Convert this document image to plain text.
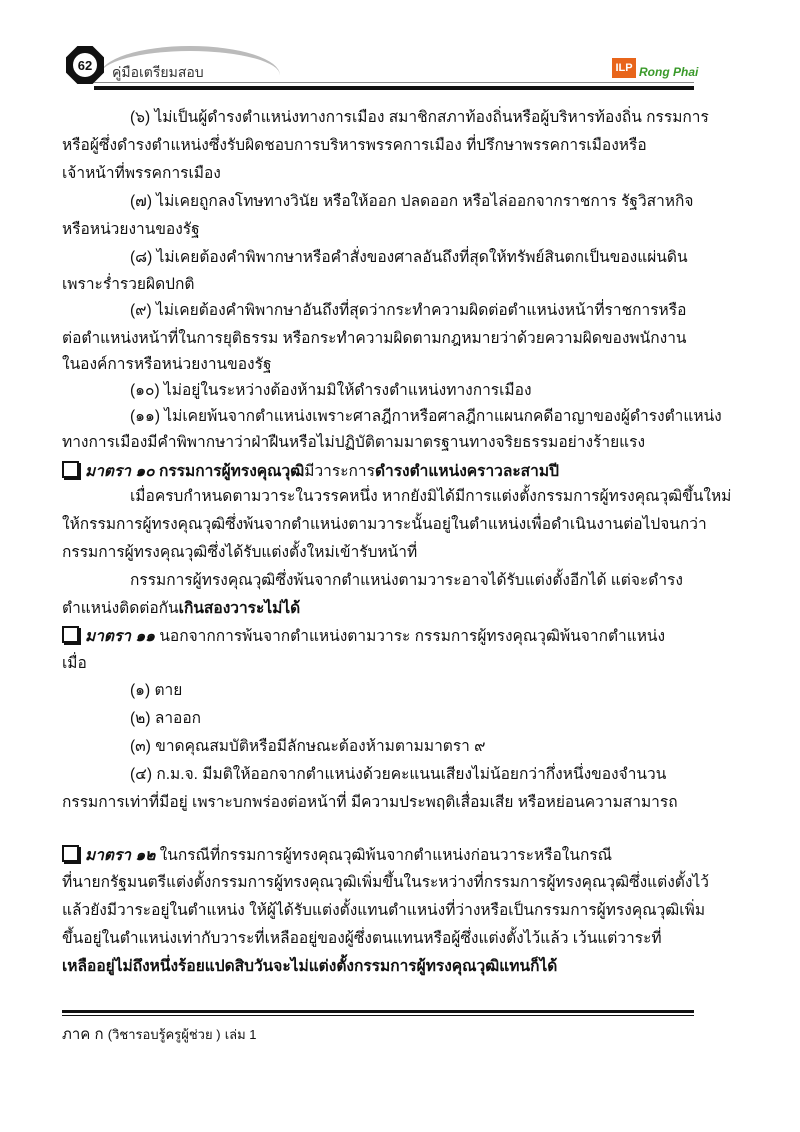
62	คู่มือเตรียมสอบ	ILP Rong Phai
(๖) ไม่เป็นผู้ดำรงตำแหน่งทางการเมือง สมาชิกสภาท้องถิ่นหรือผู้บริหารท้องถิ่น กรรมการ
หรือผู้ซึ่งดำรงตำแหน่งซึ่งรับผิดชอบการบริหารพรรคการเมือง ที่ปรึกษาพรรคการเมืองหรือ
เจ้าหน้าที่พรรคการเมือง
(๗) ไม่เคยถูกลงโทษทางวินัย หรือให้ออก ปลดออก หรือไล่ออกจากราชการ รัฐวิสาหกิจ
หรือหน่วยงานของรัฐ
(๘) ไม่เคยต้องคำพิพากษาหรือคำสั่งของศาลอันถึงที่สุดให้ทรัพย์สินตกเป็นของแผ่นดิน
เพราะร่ำรวยผิดปกติ
(๙) ไม่เคยต้องคำพิพากษาอันถึงที่สุดว่ากระทำความผิดต่อตำแหน่งหน้าที่ราชการหรือ
ต่อตำแหน่งหน้าที่ในการยุติธรรม หรือกระทำความผิดตามกฎหมายว่าด้วยความผิดของพนักงาน
ในองค์การหรือหน่วยงานของรัฐ
(๑๐) ไม่อยู่ในระหว่างต้องห้ามมิให้ดำรงตำแหน่งทางการเมือง
(๑๑) ไม่เคยพ้นจากตำแหน่งเพราะศาลฎีกาหรือศาลฎีกาแผนกคดีอาญาของผู้ดำรงตำแหน่ง
ทางการเมืองมีคำพิพากษาว่าฝ่าฝืนหรือไม่ปฏิบัติตามมาตรฐานทางจริยธรรมอย่างร้ายแรง
มาตรา ๑๐ กรรมการผู้ทรงคุณวุฒิมีวาระการดำรงตำแหน่งคราวละสามปี
เมื่อครบกำหนดตามวาระในวรรคหนึ่ง หากยังมิได้มีการแต่งตั้งกรรมการผู้ทรงคุณวุฒิขึ้นใหม่
ให้กรรมการผู้ทรงคุณวุฒิซึ่งพ้นจากตำแหน่งตามวาระนั้นอยู่ในตำแหน่งเพื่อดำเนินงานต่อไปจนกว่า
กรรมการผู้ทรงคุณวุฒิซึ่งได้รับแต่งตั้งใหม่เข้ารับหน้าที่
กรรมการผู้ทรงคุณวุฒิซึ่งพ้นจากตำแหน่งตามวาระอาจได้รับแต่งตั้งอีกได้ แต่จะดำรง
ตำแหน่งติดต่อกันเกินสองวาระไม่ได้
มาตรา ๑๑ นอกจากการพ้นจากตำแหน่งตามวาระ กรรมการผู้ทรงคุณวุฒิพ้นจากตำแหน่ง
เมื่อ
(๑) ตาย
(๒) ลาออก
(๓) ขาดคุณสมบัติหรือมีลักษณะต้องห้ามตามมาตรา ๙
(๔) ก.ม.จ. มีมติให้ออกจากตำแหน่งด้วยคะแนนเสียงไม่น้อยกว่ากึ่งหนึ่งของจำนวน
กรรมการเท่าที่มีอยู่ เพราะบกพร่องต่อหน้าที่ มีความประพฤติเสื่อมเสีย หรือหย่อนความสามารถ
มาตรา ๑๒ ในกรณีที่กรรมการผู้ทรงคุณวุฒิพ้นจากตำแหน่งก่อนวาระหรือในกรณี
ที่นายกรัฐมนตรีแต่งตั้งกรรมการผู้ทรงคุณวุฒิเพิ่มขึ้นในระหว่างที่กรรมการผู้ทรงคุณวุฒิซึ่งแต่งตั้งไว้
แล้วยังมีวาระอยู่ในตำแหน่ง ให้ผู้ได้รับแต่งตั้งแทนตำแหน่งที่ว่างหรือเป็นกรรมการผู้ทรงคุณวุฒิเพิ่ม
ขึ้นอยู่ในตำแหน่งเท่ากับวาระที่เหลืออยู่ของผู้ซึ่งตนแทนหรือผู้ซึ่งแต่งตั้งไว้แล้ว เว้นแต่วาระที่
เหลืออยู่ไม่ถึงหนึ่งร้อยแปดสิบวันจะไม่แต่งตั้งกรรมการผู้ทรงคุณวุฒิแทนก็ได้
ภาค ก (วิชารอบรู้ครูผู้ช่วย ) เล่ม 1
